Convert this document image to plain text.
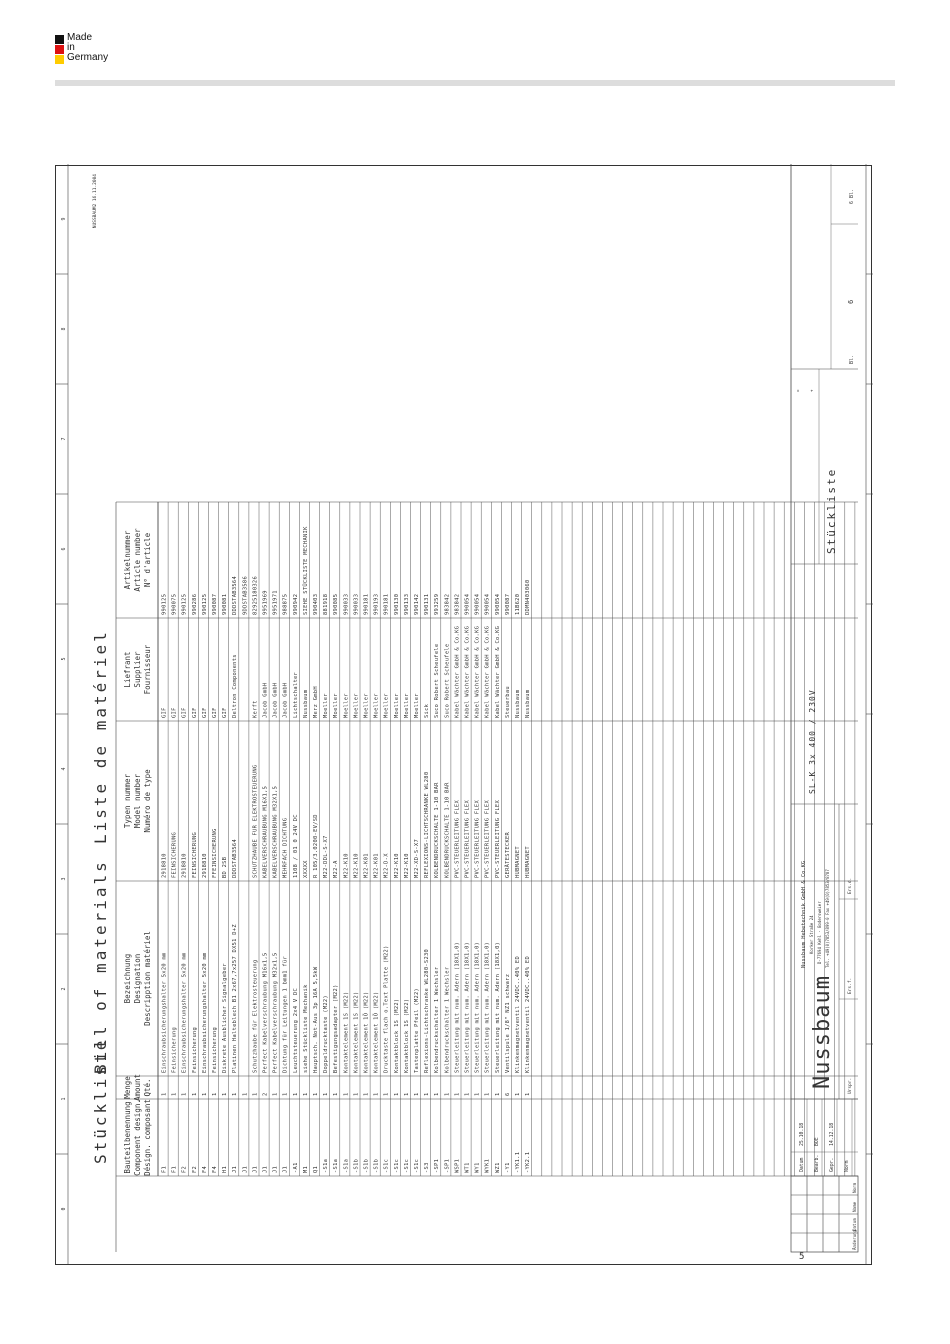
Made
in
Germany
0
1
2
3
4
5
6
7
8
9
Stückliste
Bill of materials
Liste de matériel
NUSSBAUM2 16.11.2004
Bauteilbenennung Component design. Désign. composant
Menge Amount Qté.
Bezeichnung Designation Descripption matériel
Typen nummer Model number Numéro de type
Liefrant Supplier Fournisseur
Artikelnummer Article number N° d'article
F1
1
Einschraubsicherungshalter 5x20 mm
2918810
GIF
990125
F1
1
Feinsicherung
FEINSICHERUNG
GIF
990075
F2
1
Einschraubsicherungshalter 5x20 mm
2918810
GIF
990125
F2
1
Feinsicherung
FEINSICHERUNG
GIF
990286
F4
1
Einschraubsicherungshalter 5x20 mm
2918810
GIF
990125
F4
1
Feinsicherung
FFEINSICHERUNG
GIF
990087
H1
1
Diskrete Ausblicher Signalgeber
BD 2SB
GIF
990081
J1
1
Platinen Halteblech B1 2x67,7x257 DX51 D+Z
DDDSTAB3564
Deltron Components
DDDSTAB3564
J1
1
9DDSTAB3586
J1
1
Schutzhaube für Elektrosteuerung
SCHUTZHAUBE FUR ELEKTROSTEUERUNG
Kerft
82925180326
J1
2
Perfect Kabelverschraubung M16x1,5
KABELVERSCHRAUBUNG M16X1,5
Jacob GmbH
9951969
J1
1
Perfect Kabelverschraubung M32x1,5
KABELVERSCHRAUBUNG M32X1,5
Jacob GmbH
9951971
J1
1
Dichtung für Leitungen 1 bmm1 für
MEHRFACH DICHTUNG
Jacob GmbH
988875
-A1
1
Leuchtsteuerung 2x4 V DC
1108 / 01 0 24V DC
Lichtschalter
990942
M1
1
siehe Stückliste Mechanik
XXXXX
Nussbaum
SIEHE STÜCKLISTE MECHANIK
Q1
1
Hauptsch. Not-Aus 3p 16A 5,5kW
R 105/3.0200-EV/SD
Merz GmbH
990403
-S1a
1
Doppeldrucktaste (M22)
M22-DDL-S-X7
Moeller
881918
-S1a
1
Befestigungsadapter (M22)
M22-A
Moeller
990085
-S1a
1
Kontaktelement 1S (M22)
M22-K10
Moeller
990033
-S1b
1
Kontaktelement 1S (M22)
M22-K10
Moeller
990033
-S1b
1
Kontaktelement 1Ö (M22)
M22-K01
Moeller
990181
-S1b
1
Kontaktelement 1Ö (M22)
M22-K01
Moeller
990193
-S1c
1
Drucktaste flach o.Text Platte (M22)
M22-D-X
Moeller
990181
-S1c
1
Kontaktblock 1S (M22)
M22-K10
Moeller
990130
-S1c
1
Kontaktblock 1S (M22)
M22-K10
Moeller
990133
-S1c
1
Tastenplatte Pfeil (M22)
M22-XD-S-X7
Moeller
990142
-S3
1
Reflexions-Lichtschranke WL280-S230
REFLEXIONS-LICHTSCHRANKE WL280
Sick
990131
-SP1
1
Kolbendruckschalter 1 Wechsler
KOLBENDRUCKSCHALTE 1-10 BAR
Suco Robert Scheufele
993259
-SP1
1
Kolbendruckschalter 1 Wechsler
KOLBENDRUCKSCHALTE 1-10 BAR
Suco Robert Scheufele
983842
WSP1
1
Steuerleitung mit num. Adern (18X1,0)
PVC-STEUERLEITUNG FLEX
Kabel Wächter GmbH & Co.KG
983842
WT1
1
Steuerleitung mit num. Adern (18X1,0)
PVC-STEUERLEITUNG FLEX
Kabel Wächter GmbH & Co.KG
990054
WY1
1
Steuerleitung mit num. Adern (18X1,0)
PVC-STEUERLEITUNG FLEX
Kabel Wächter GmbH & Co.KG
990054
WYK1
1
Steuerleitung mit num. Adern (18X1,0)
PVC-STEUERLEITUNG FLEX
Kabel Wächter GmbH & Co.KG
990054
WZ1
1
Steuerleitung mit num. Adern (18X1,0)
PVC-STEUERLEITUNG FLEX
Kabel Wächter GmbH & Co.KG
990054
-Y1
6
Ventilspule 1/8" NZ1 schwarz
GERÄTESTECKER
Steuerbau
990087
-YK1.1
1
Klinkenmagnetventil 24VDC..40% ED
HUBMAGNET
Nussbaum
11B620
-YK2.1
1
Klinkenmagnetventil 24VDC..40% ED
HUBMAGNET
Nussbaum
DDMN403060
Änderung
Datum
Name
Norm
Datum
25.10.18
Bearb.
BOE
Gepr.
14.12.18
Norm
Nussbaum
Nussbaum Hebetechnik GmbH & Co.KG Korker Straße 24 D-77694 Kehl - Bodersweier Tel. +49(0)7853/899-0 Fax +49(0)7853/8787
Urspr.
Ers.f.
Ers.d.
SL-K 3x 400 / 230V
Stückliste
= +
Bl.
6
6 Bl.
5
